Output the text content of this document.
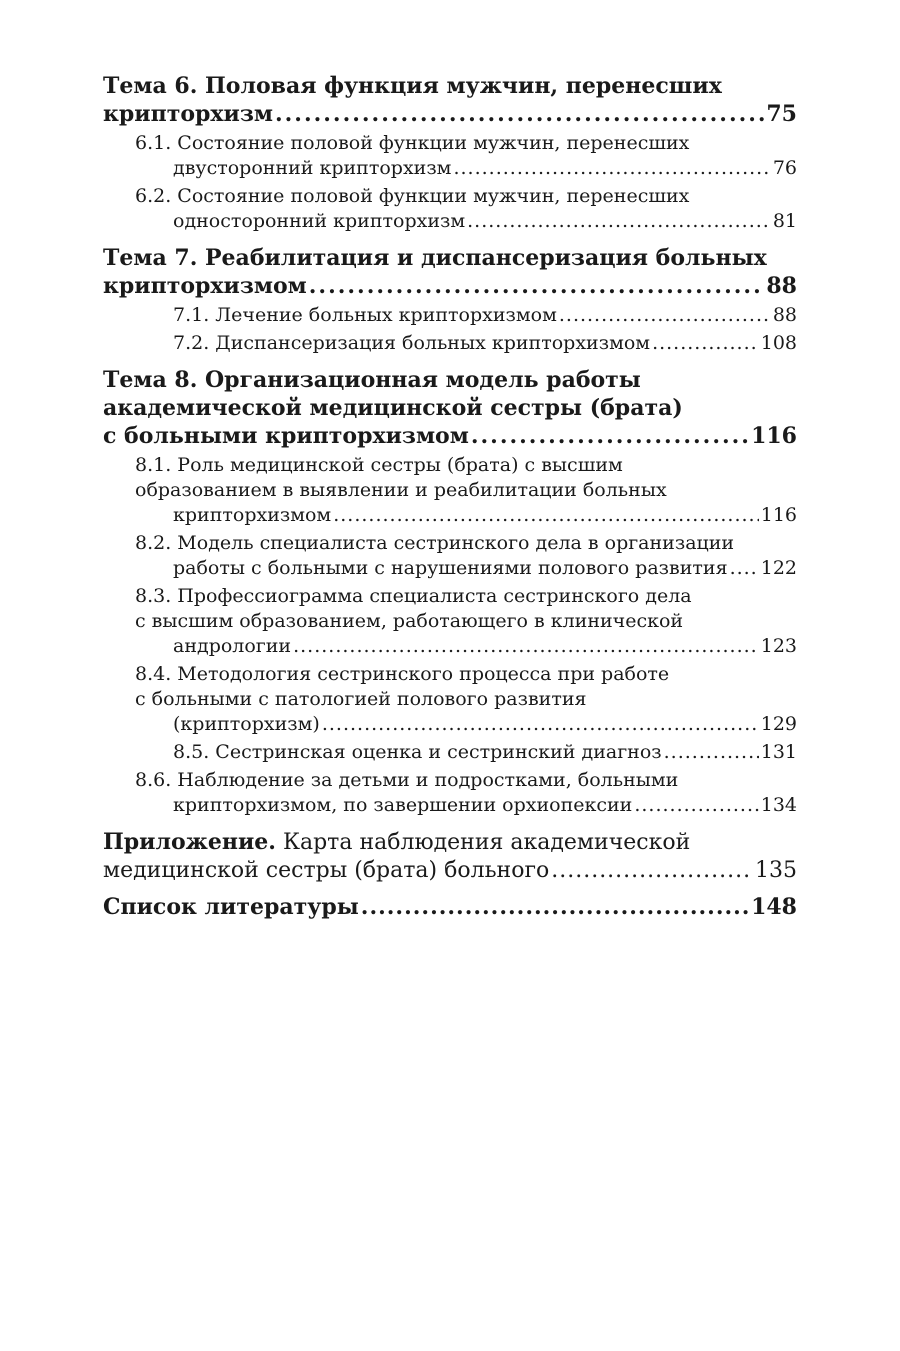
Тема 6. Половая функция мужчин, перенесших
крипторхизм .....	75
6.1. Состояние половой функции мужчин, перенесших
двусторонний крипторхизм .....	76
6.2. Состояние половой функции мужчин, перенесших
односторонний крипторхизм .....	81
Тема 7. Реабилитация и диспансеризация больных
крипторхизмом .....	88
7.1. Лечение больных крипторхизмом .....	88
7.2. Диспансеризация больных крипторхизмом .....	108
Тема 8. Организационная модель работы
академической медицинской сестры (брата)
с больными крипторхизмом .....	116
8.1. Роль медицинской сестры (брата) с высшим
образованием в выявлении и реабилитации больных
крипторхизмом .....	116
8.2. Модель специалиста сестринского дела в организации
работы с больными с нарушениями полового развития ..... 122
8.3. Профессиограмма специалиста сестринского дела
с высшим образованием, работающего в клинической
андрологии .....	123
8.4. Методология сестринского процесса при работе
с больными с патологией полового развития
(крипторхизм) .....	129
8.5. Сестринская оценка и сестринский диагноз .....	131
8.6. Наблюдение за детьми и подростками, больными
крипторхизмом, по завершении орхиопексии .....	134
Приложение. Карта наблюдения академической
медицинской сестры (брата) больного .....	135
Список литературы .....	148
